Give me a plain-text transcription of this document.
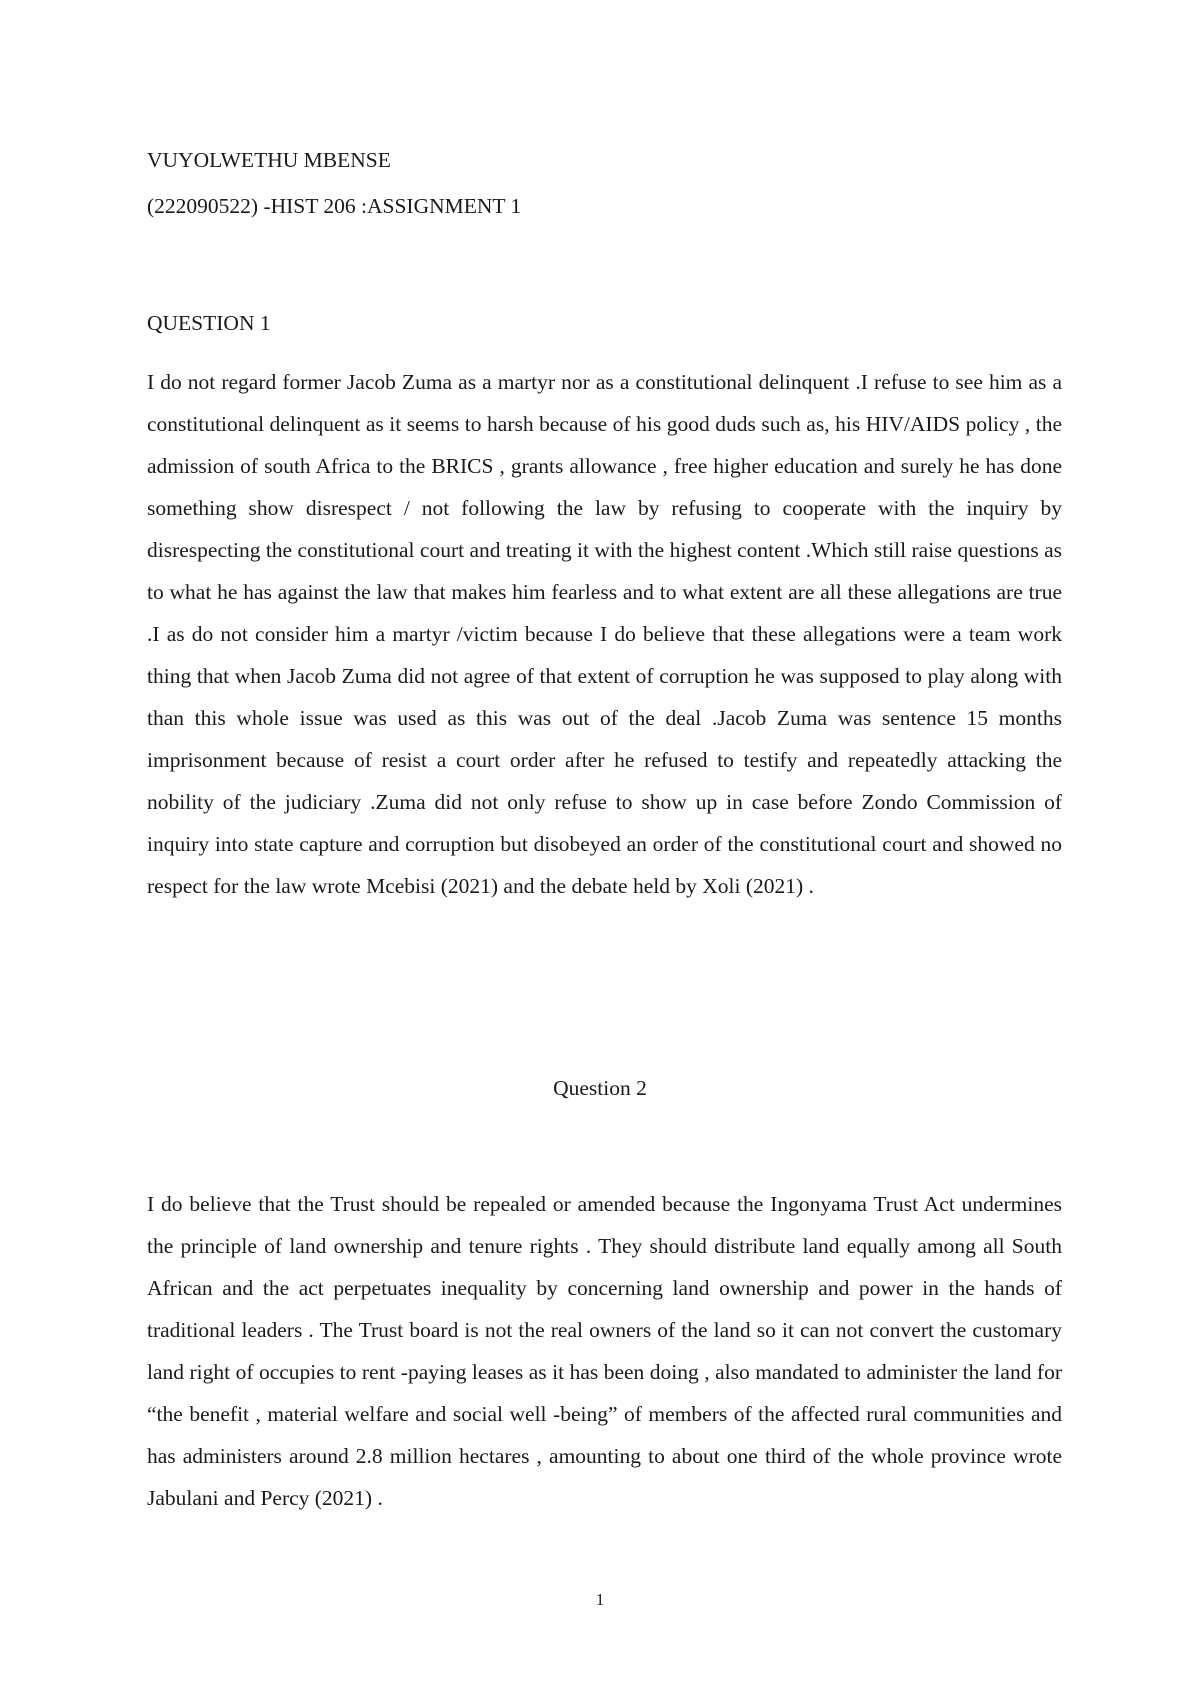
VUYOLWETHU MBENSE

(222090522) -HIST 206 :ASSIGNMENT 1

QUESTION 1

I do not regard former Jacob Zuma as a martyr nor as a constitutional delinquent .I refuse to see him as a constitutional delinquent as it seems to harsh because of his good duds such as, his HIV/AIDS policy , the admission of south Africa to the BRICS , grants allowance , free higher education and surely he has done something show disrespect / not following the law by refusing to cooperate with the inquiry by disrespecting the constitutional court and treating it with the highest content .Which still raise questions as to what he has against the law that makes him fearless and to what extent are all these allegations are true .I as do not consider him a martyr /victim because I do believe that these allegations were a team work thing that when Jacob Zuma did not agree of that extent of corruption he was supposed to play along with than this whole issue was used as this was out of the deal .Jacob Zuma was sentence 15 months imprisonment because of resist a court order after he refused to testify and repeatedly attacking the nobility of the judiciary .Zuma did not only refuse to show up in case before Zondo Commission of inquiry into state capture and corruption but disobeyed an order of the constitutional court and showed no respect for the law wrote Mcebisi (2021) and the debate held by Xoli (2021) .

Question 2

I do believe that the Trust should be repealed or amended because the Ingonyama Trust Act undermines the principle of land ownership and tenure rights . They should distribute land equally among all South African and the act perpetuates inequality by concerning land ownership and power in the hands of traditional leaders . The Trust board is not the real owners of the land so it can not convert the customary land right of occupies to rent -paying leases as it has been doing , also mandated to administer the land for “the benefit , material welfare and social well -being” of members of the affected rural communities and has administers around 2.8 million hectares , amounting to about one third of the whole province wrote Jabulani and Percy (2021) .

1
